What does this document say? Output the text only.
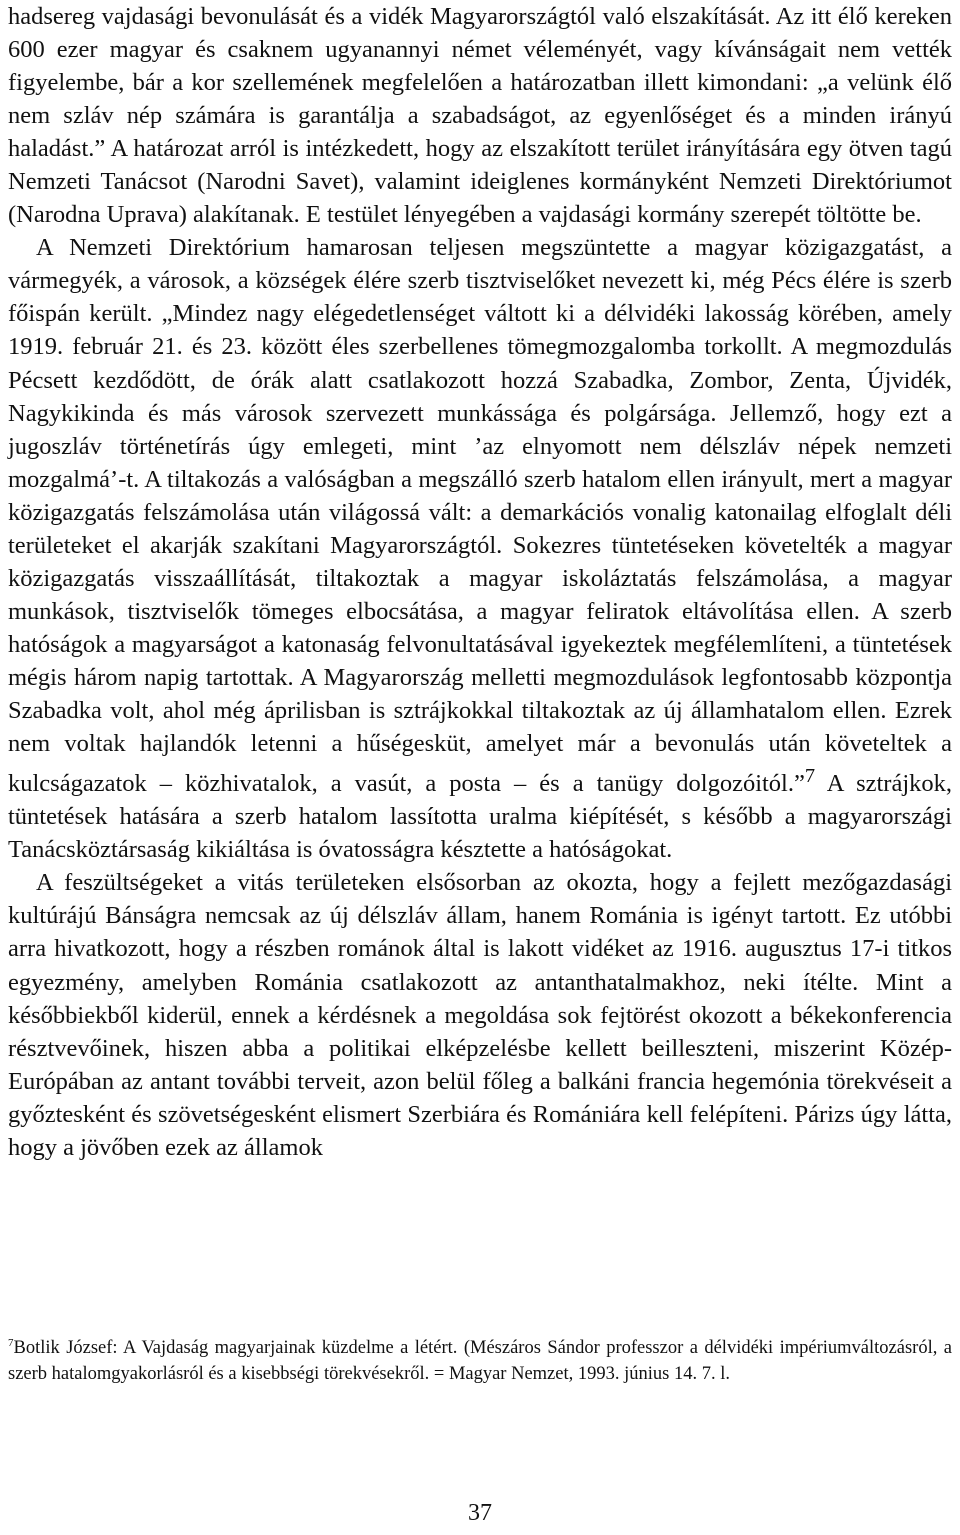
hadsereg vajdasági bevonulását és a vidék Magyarországtól való elszakítását. Az itt élő kereken 600 ezer magyar és csaknem ugyanannyi német véleményét, vagy kívánságait nem vették figyelembe, bár a kor szellemének megfelelően a határozatban illett kimondani: „a velünk élő nem szláv nép számára is garantálja a szabadságot, az egyenlőséget és a minden irányú haladást.” A határozat arról is intézkedett, hogy az elszakított terület irányítására egy ötven tagú Nemzeti Tanácsot (Narodni Savet), valamint ideiglenes kormányként Nemzeti Direktóriumot (Narodna Uprava) alakítanak. E testület lényegében a vajdasági kormány szerepét töltötte be.

A Nemzeti Direktórium hamarosan teljesen megszüntette a magyar közigazgatást, a vármegyék, a városok, a községek élére szerb tisztviselőket nevezett ki, még Pécs élére is szerb főispán került. „Mindez nagy elégedetlenséget váltott ki a délvidéki lakosság körében, amely 1919. február 21. és 23. között éles szerbellenes tömegmozgalomba torkollt. A megmozdulás Pécsett kezdődött, de órák alatt csatlakozott hozzá Szabadka, Zombor, Zenta, Újvidék, Nagykikinda és más városok szervezett munkássága és polgársága. Jellemző, hogy ezt a jugoszláv történetírás úgy emlegeti, mint ’az elnyomott nem délszláv népek nemzeti mozgalmá’-t. A tiltakozás a valóságban a megszálló szerb hatalom ellen irányult, mert a magyar közigazgatás felszámolása után világossá vált: a demarkációs vonalig katonailag elfoglalt déli területeket el akarják szakítani Magyarországtól. Sokezres tüntetéseken követelték a magyar közigazgatás visszaállítását, tiltakoztak a magyar iskoláztatás felszámolása, a magyar munkások, tisztviselők tömeges elbocsátása, a magyar feliratok eltávolítása ellen. A szerb hatóságok a magyarságot a katonaság felvonultatásával igyekeztek megfélemlíteni, a tüntetések mégis három napig tartottak. A Magyarország melletti megmozdulások legfontosabb központja Szabadka volt, ahol még áprilisban is sztrájkokkal tiltakoztak az új államhatalom ellen. Ezrek nem voltak hajlandók letenni a hűségesküt, amelyet már a bevonulás után követeltek a kulcságazatok – közhivatalok, a vasút, a posta – és a tanügy dolgozóitól.”$^7$ A sztrájkok, tüntetések hatására a szerb hatalom lassította uralma kiépítését, s később a magyarországi Tanácsköztársaság kikiáltása is óvatosságra késztette a hatóságokat.

A feszültségeket a vitás területeken elsősorban az okozta, hogy a fejlett mezőgazdasági kultúrájú Bánságra nemcsak az új délszláv állam, hanem Románia is igényt tartott. Ez utóbbi arra hivatkozott, hogy a részben románok által is lakott vidéket az 1916. augusztus 17-i titkos egyezmény, amelyben Románia csatlakozott az antanthatalmakhoz, neki ítélte. Mint a későbbiekből kiderül, ennek a kérdésnek a megoldása sok fejtörést okozott a békekonferencia résztvevőinek, hiszen abba a politikai elképzelésbe kellett beilleszteni, miszerint Közép-Európában az antant további terveit, azon belül főleg a balkáni francia hegemónia törekvéseit a győztesként és szövetségesként elismert Szerbiára és Romániára kell felépíteni. Párizs úgy látta, hogy a jövőben ezek az államok

$^7$Botlik József: A Vajdaság magyarjainak küzdelme a létért. (Mészáros Sándor professzor a délvidéki impériumváltozásról, a szerb hatalomgyakorlásról és a kisebbségi törekvésekről. = Magyar Nemzet, 1993. június 14. 7. l.
37
